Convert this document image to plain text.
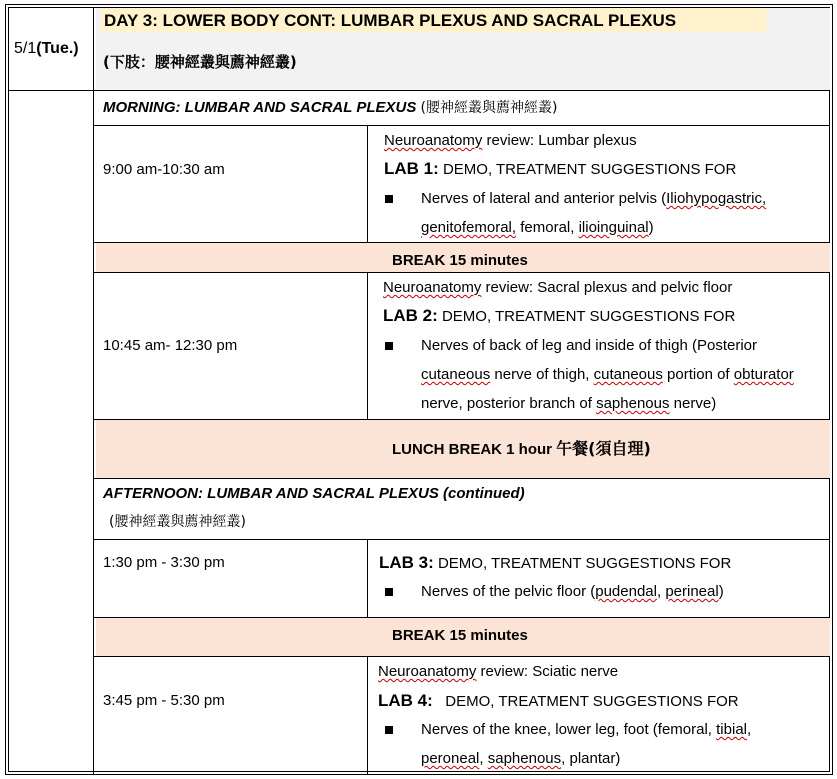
5/1(Tue.)
DAY 3: LOWER BODY CONT: LUMBAR PLEXUS AND SACRAL PLEXUS
(下肢：腰神經叢與薦神經叢)
MORNING: LUMBAR AND SACRAL PLEXUS (腰神經叢與薦神經叢)
9:00 am-10:30 am
Neuroanatomy review: Lumbar plexus
LAB 1: DEMO, TREATMENT SUGGESTIONS FOR
Nerves of lateral and anterior pelvis (Iliohypogastric,
genitofemoral, femoral, ilioinguinal)
BREAK 15 minutes
10:45 am- 12:30 pm
Neuroanatomy review: Sacral plexus and pelvic floor
LAB 2: DEMO, TREATMENT SUGGESTIONS FOR
Nerves of back of leg and inside of thigh (Posterior
cutaneous nerve of thigh, cutaneous portion of obturator
nerve, posterior branch of saphenous nerve)
LUNCH BREAK 1 hour 午餐(須自理)
AFTERNOON: LUMBAR AND SACRAL PLEXUS (continued)
(腰神經叢與薦神經叢)
1:30 pm - 3:30 pm	LAB 3: DEMO, TREATMENT SUGGESTIONS FOR
Nerves of the pelvic floor (pudendal, perineal)
BREAK 15 minutes
3:45 pm - 5:30 pm
Neuroanatomy review: Sciatic nerve
LAB 4:   DEMO, TREATMENT SUGGESTIONS FOR
Nerves of the knee, lower leg, foot (femoral, tibial,
peroneal, saphenous, plantar)
